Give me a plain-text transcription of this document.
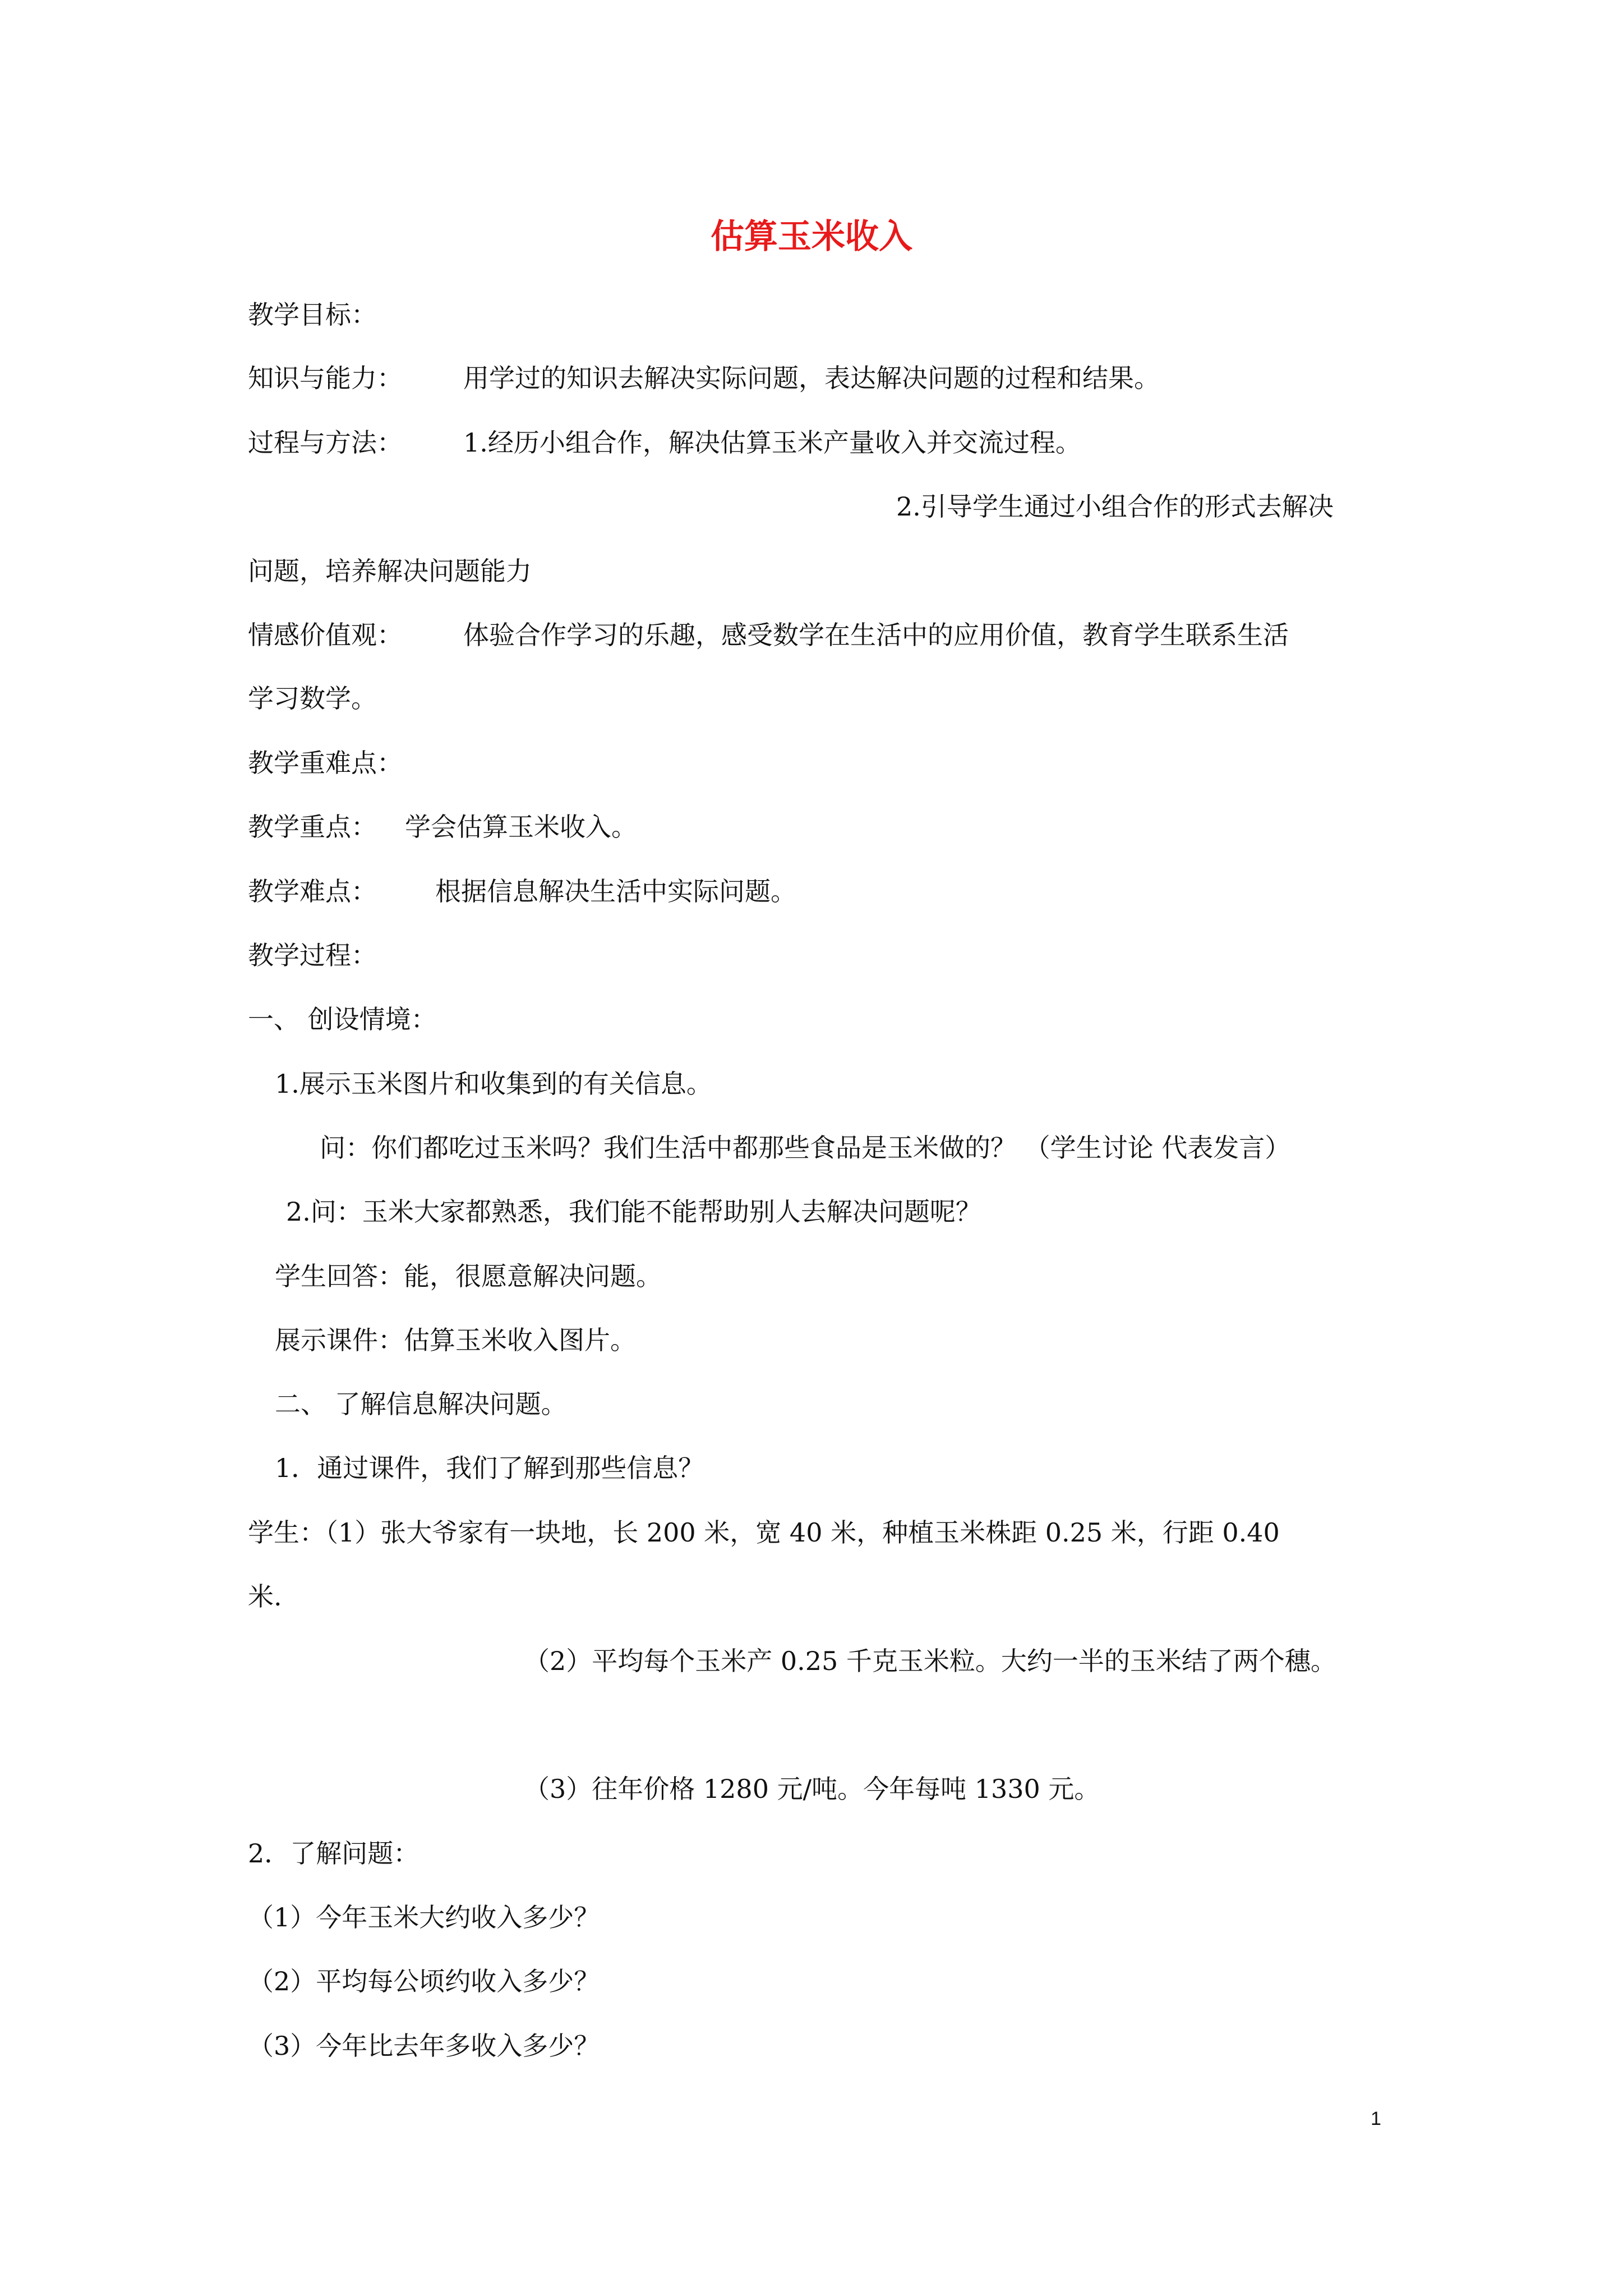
估算玉米收入
教学目标：
知识与能力： 用学过的知识去解决实际问题，表达解决问题的过程和结果。
过程与方法： 1.经历小组合作，解决估算玉米产量收入并交流过程。
2.引导学生通过小组合作的形式去解决
问题，培养解决问题能力
情感价值观： 体验合作学习的乐趣，感受数学在生活中的应用价值，教育学生联系生活
学习数学。
教学重难点：
教学重点： 学会估算玉米收入。
教学难点： 根据信息解决生活中实际问题。
教学过程：
一、 创设情境：
1.展示玉米图片和收集到的有关信息。
问：你们都吃过玉米吗？我们生活中都那些食品是玉米做的？ （学生讨论 代表发言）
2.问：玉米大家都熟悉，我们能不能帮助别人去解决问题呢？
学生回答：能，很愿意解决问题。
展示课件：估算玉米收入图片。
二、 了解信息解决问题。
1．通过课件，我们了解到那些信息？
学生：（1）张大爷家有一块地，长 200 米，宽 40 米，种植玉米株距 0.25 米，行距 0.40
米.
（2）平均每个玉米产 0.25 千克玉米粒。大约一半的玉米结了两个穗。
（3）往年价格 1280 元/吨。今年每吨 1330 元。
2．了解问题：
（1）今年玉米大约收入多少？
（2）平均每公顷约收入多少？
（3）今年比去年多收入多少？
1
